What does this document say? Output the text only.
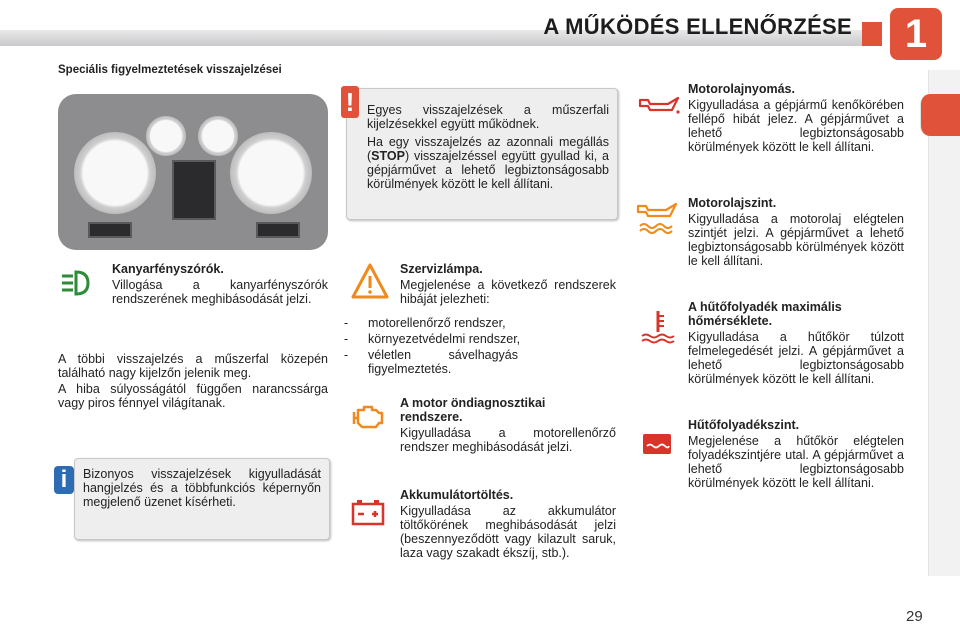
A MŰKÖDÉS ELLENŐRZÉSE	1
Speciális figyelmeztetések visszajelzései
Egyes visszajelzések a műszerfali kijelzésekkel együtt működnek.
Ha egy visszajelzés az azonnali megállás (STOP) visszajelzéssel együtt gyullad ki, a gépjárművet a lehető legbiztonságosabb körülmények között le kell állítani.
!
Kanyarfényszórók.
Villogása a kanyarfényszórók rendszerének meghibásodását jelzi.
A többi visszajelzés a műszerfal közepén található nagy kijelzőn jelenik meg.
A hiba súlyosságától függően narancssárga vagy piros fénnyel világítanak.
Bizonyos visszajelzések kigyulladását hangjelzés és a többfunkciós képernyőn megjelenő üzenet kísérheti.
i
Szervizlámpa.
Megjelenése a következő rendszerek hibáját jelezheti:
- motorellenőrző rendszer,
- környezetvédelmi rendszer,
- véletlen sávelhagyás figyelmeztetés.
A motor öndiagnosztikai rendszere.
Kigyulladása a motorellenőrző rendszer meghibásodását jelzi.
Akkumulátortöltés.
Kigyulladása az akkumulátor töltőkörének meghibásodását jelzi (beszennyeződött vagy kilazult saruk, laza vagy szakadt ékszíj, stb.).
Motorolajnyomás.
Kigyulladása a gépjármű kenőkörében fellépő hibát jelez. A gépjárművet a lehető legbiztonságosabb körülmények között le kell állítani.
Motorolajszint.
Kigyulladása a motorolaj elégtelen szintjét jelzi. A gépjárművet a lehető legbiztonságosabb körülmények között le kell állítani.
A hűtőfolyadék maximális hőmérséklete.
Kigyulladása a hűtőkör túlzott felmelegedését jelzi. A gépjárművet a lehető legbiztonságosabb körülmények között le kell állítani.
Hűtőfolyadékszint.
Megjelenése a hűtőkör elégtelen folyadékszintjére utal. A gépjárművet a lehető legbiztonságosabb körülmények között le kell állítani.
29
